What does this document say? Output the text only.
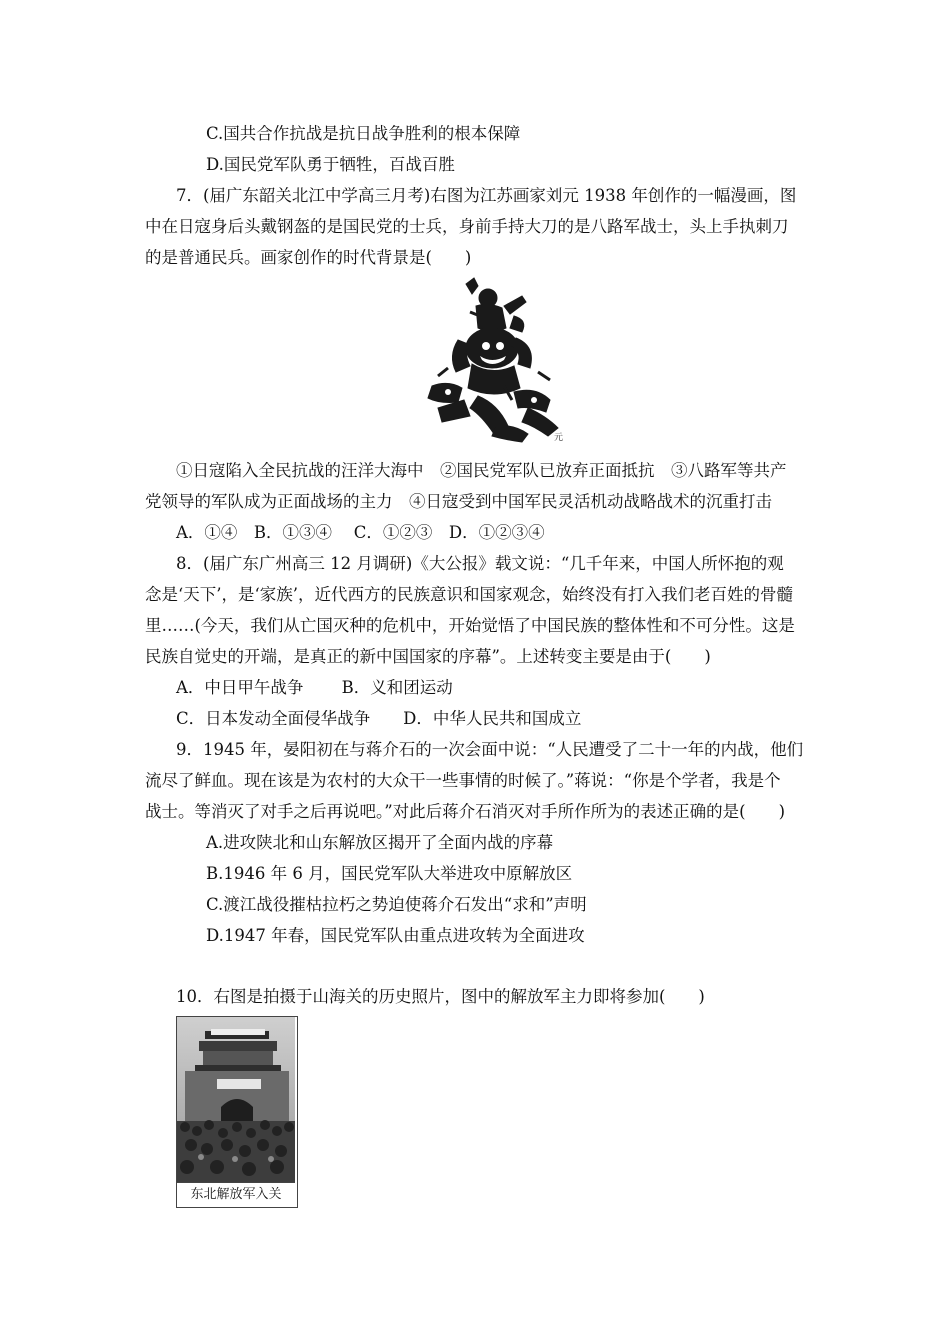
C.国共合作抗战是抗日战争胜利的根本保障
D.国民党军队勇于牺牲，百战百胜
7．(届广东韶关北江中学高三月考)右图为江苏画家刘元 1938 年创作的一幅漫画，图
中在日寇身后头戴钢盔的是国民党的士兵，身前手持大刀的是八路军战士，头上手执刺刀
的是普通民兵。画家创作的时代背景是(　　)
元
①日寇陷入全民抗战的汪洋大海中　②国民党军队已放弃正面抵抗　③八路军等共产
党领导的军队成为正面战场的主力　④日寇受到中国军民灵活机动战略战术的沉重打击
A．①④　B．①③④　 C．①②③　D．①②③④
8．(届广东广州高三 12 月调研)《大公报》载文说：“几千年来，中国人所怀抱的观
念是‘天下’，是‘家族’，近代西方的民族意识和国家观念，始终没有打入我们老百姓的骨髓
里……(今天，我们从亡国灭种的危机中，开始觉悟了中国民族的整体性和不可分性。这是
民族自觉史的开端，是真正的新中国国家的序幕”。上述转变主要是由于(　　)
A．中日甲午战争　　 B．义和团运动
C．日本发动全面侵华战争　　D．中华人民共和国成立
9．1945 年，晏阳初在与蒋介石的一次会面中说：“人民遭受了二十一年的内战，他们
流尽了鲜血。现在该是为农村的大众干一些事情的时候了。”蒋说：“你是个学者，我是个
战士。等消灭了对手之后再说吧。”对此后蒋介石消灭对手所作所为的表述正确的是(　　)
A.进攻陕北和山东解放区揭开了全面内战的序幕
B.1946 年 6 月，国民党军队大举进攻中原解放区
C.渡江战役摧枯拉朽之势迫使蒋介石发出“求和”声明
D.1947 年春，国民党军队由重点进攻转为全面进攻
10．右图是拍摄于山海关的历史照片，图中的解放军主力即将参加(　　)
东北解放军入关
